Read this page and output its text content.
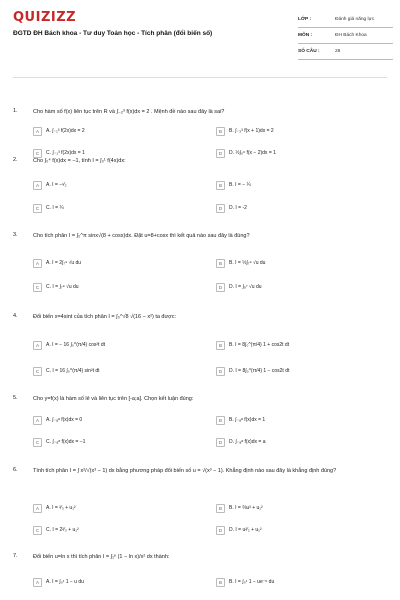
QUIZIZZ
ĐGTD ĐH Bách khoa - Tư duy Toán học - Tích phân (đổi biến số)
LỚP :	Đánh giá năng lực
MÔN :	ĐH Bách Khoa
SỐ CÂU :	28
1.	Cho hàm số f(x) liên tục trên R và ∫₋₂³ f(x)dx = 2 . Mệnh đề nào sau đây là sai?
A	A. ∫₋₁³ f(2x)dx = 2	B	B. ∫₋₃³ f(x + 1)dx = 2
C	C. ∫₋₁³ f(2x)dx = 1	D	D. ½∫₀⁶ f(x − 2)dx = 1
2.	Cho ∫₀⁴ f(x)dx = −1, tính I = ∫₀¹ f(4x)dx:
A	A. I = −¹⁄₂	B	B. I = − ¼
C	C. I = ¼	D	D. I = -2
3.	Cho tích phân I = ∫₀^π sinx√(8 + cosx)dx. Đặt u=8+cosx thì kết quả nào sau đây là đúng?
A	A. I = 2∫₇⁹ √u du	B	B. I = ½∫₇⁹ √u du
C	C. I = ∫₇⁹ √u du	D	D. I = ∫₉⁷ √u du
4.	Đổi biến x=4sint của tích phân I = ∫₀^√8 √(16 − x²) ta được:
A	A. I = − 16 ∫₀^(π/4) cos²t dt	B	B. I = 8∫₀^(π/4) 1 + cos2t dt
C	C. I = 16 ∫₀^(π/4) sin²t dt	D	D. I = 8∫₀^(π/4) 1 − cos2t dt
5.	Cho y=f(x) là hàm số lẻ và liên tục trên [-a;a]. Chọn kết luận đúng:
A	A. ∫₋ₐᵃ f(x)dx = 0	B	B. ∫₋ₐᵃ f(x)dx = 1
C	C. ∫₋ₐᵃ f(x)dx = −1	D	D. ∫₋ₐᵃ f(x)dx = a
6.	Tính tích phân I = ∫ x²/√(x³ − 1) dx bằng phương pháp đổi biến số u = √(x³ − 1). Khẳng định nào sau đây là khẳng định đúng?
A	A. I = ²⁄₃ + u₁²	B	B. I = ⅔u³ + u₁²
C	C. I = 2²⁄₃ + u₁²	D	D. I = u²⁄₂ + u₁²
7.	Đổi biến u=ln x thì tích phân I = ∫₁ᵉ (1 − ln x)/x² dx thành:
A	A. I = ∫₀¹ 1 − u du	B	B. I = ∫₀¹ 1 − ue⁻ᵘ du
